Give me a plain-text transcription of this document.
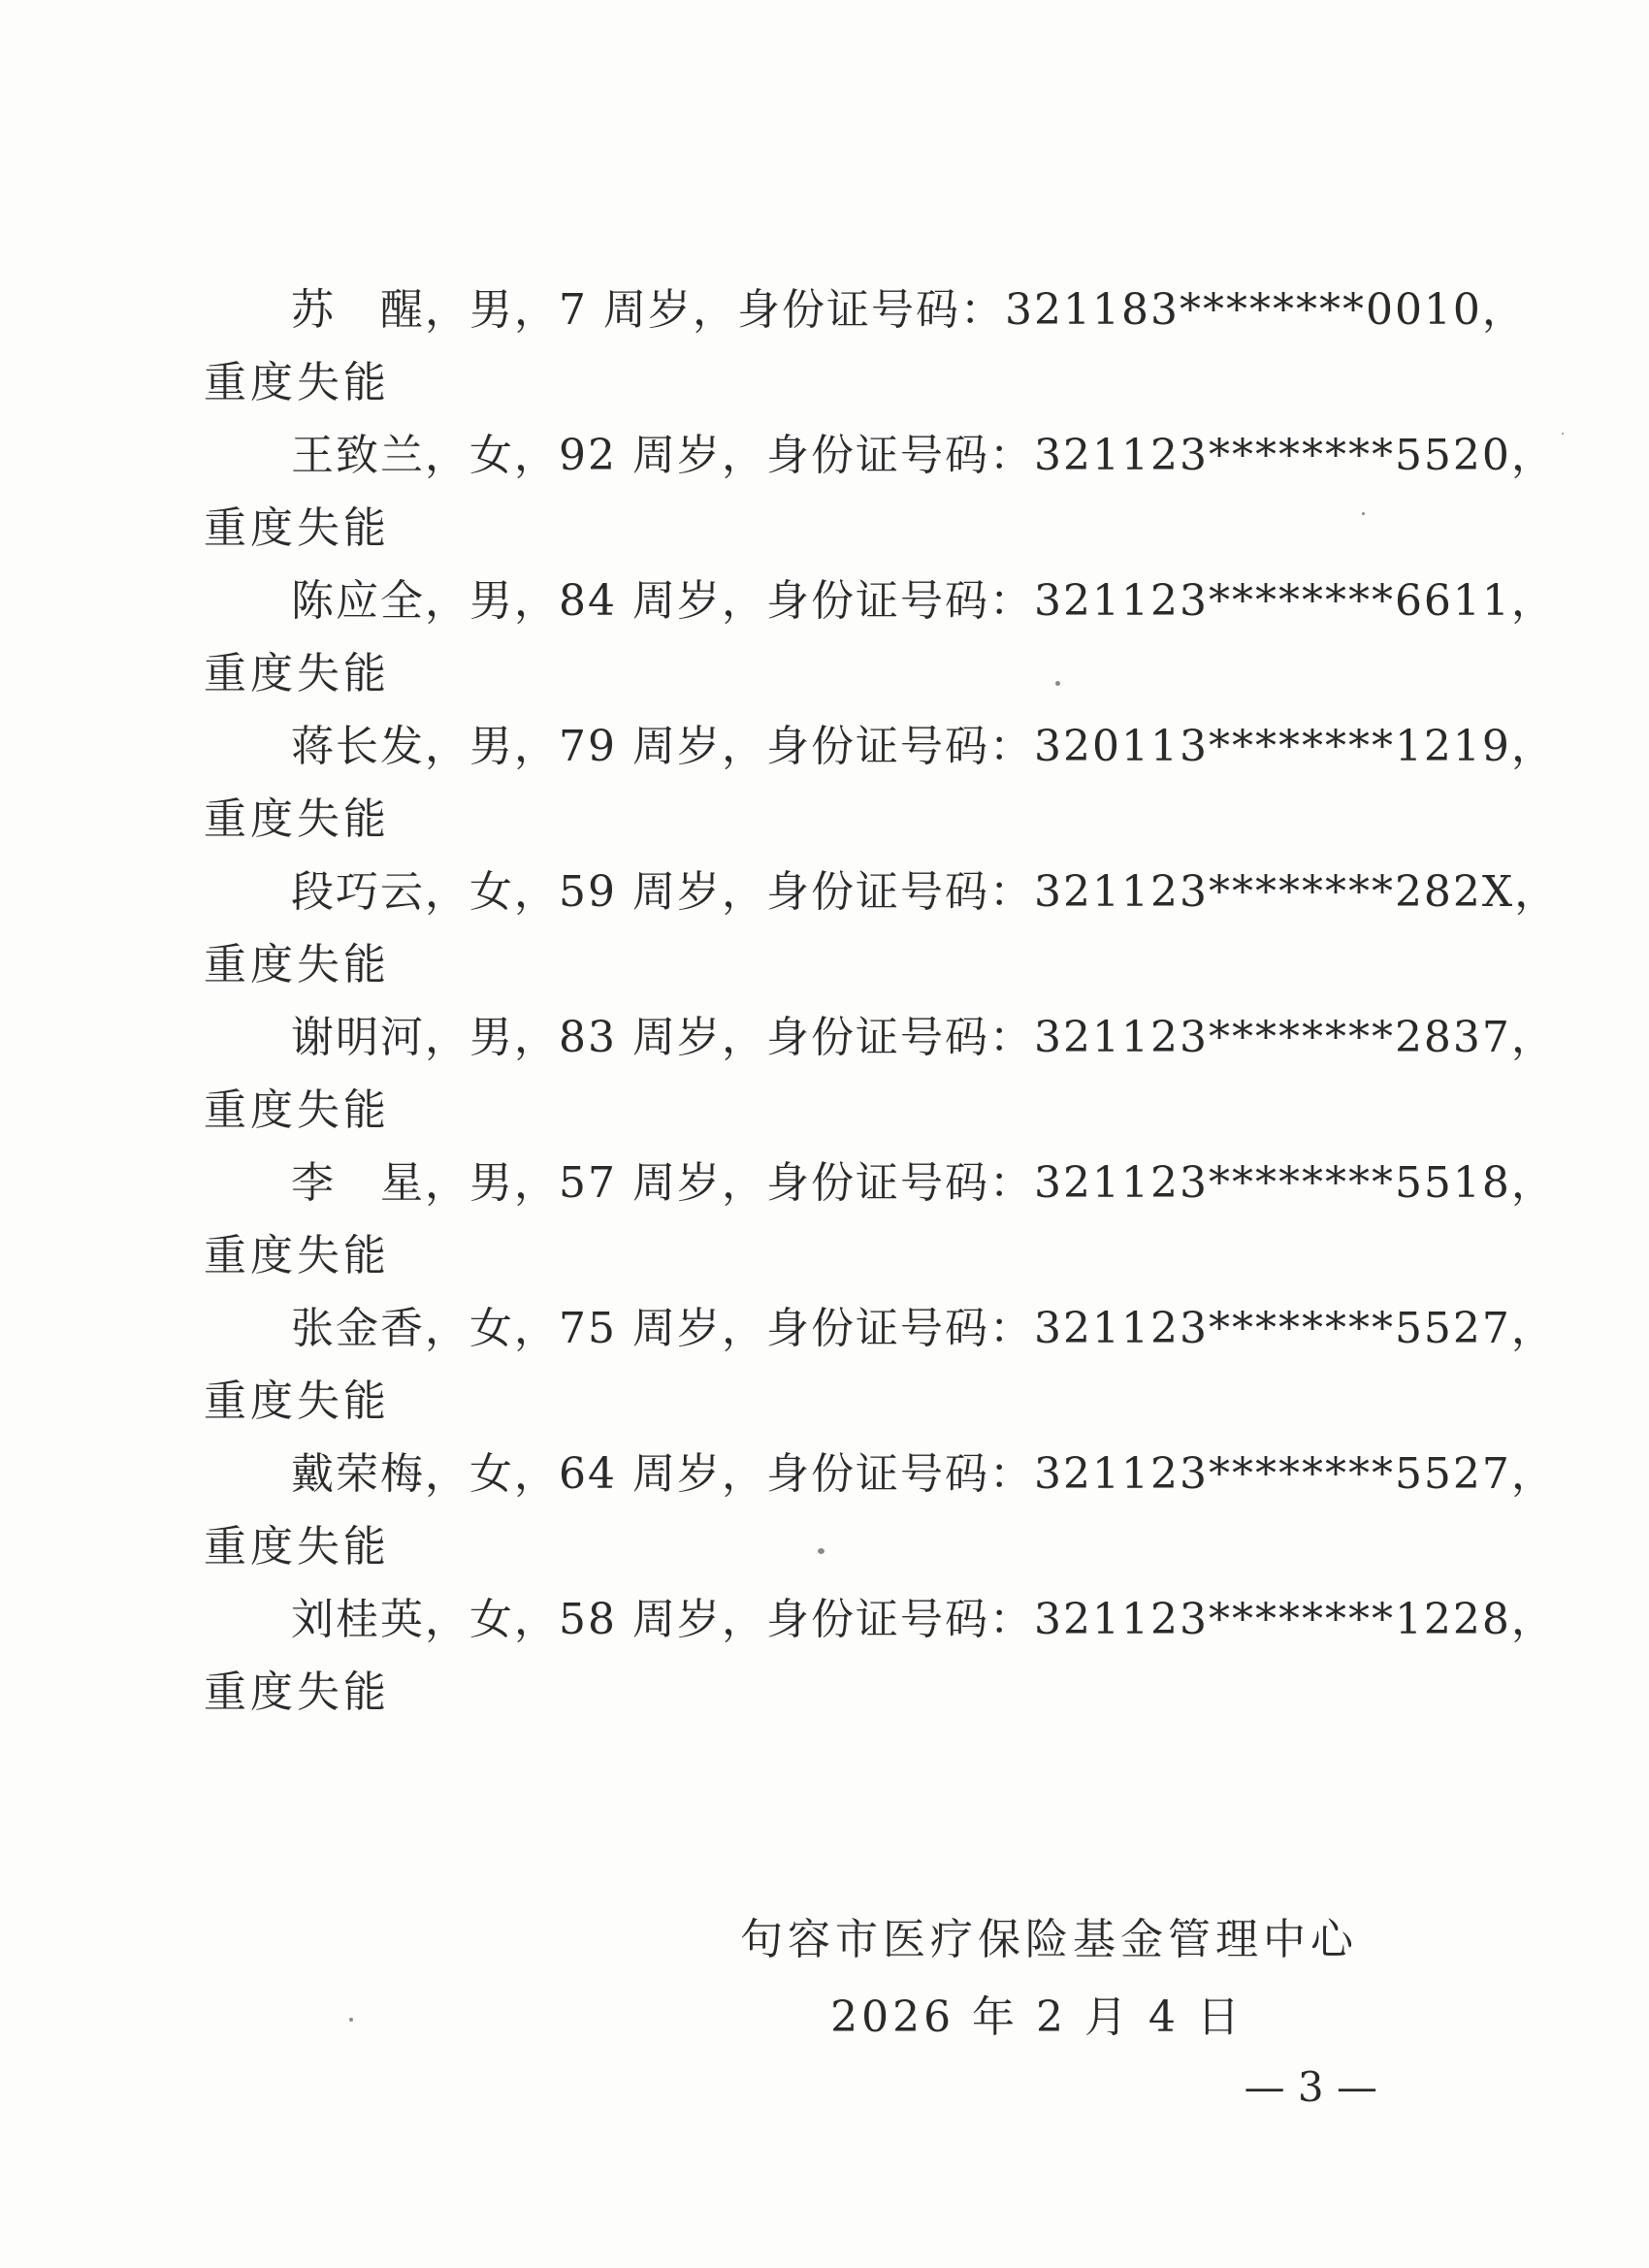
苏　醒，男，7 周岁，身份证号码：321183********0010，
重度失能
王致兰，女，92 周岁，身份证号码：321123********5520，
重度失能
陈应全，男，84 周岁，身份证号码：321123********6611，
重度失能
蒋长发，男，79 周岁，身份证号码：320113********1219，
重度失能
段巧云，女，59 周岁，身份证号码：321123********282X，
重度失能
谢明河，男，83 周岁，身份证号码：321123********2837，
重度失能
李　星，男，57 周岁，身份证号码：321123********5518，
重度失能
张金香，女，75 周岁，身份证号码：321123********5527，
重度失能
戴荣梅，女，64 周岁，身份证号码：321123********5527，
重度失能
刘桂英，女，58 周岁，身份证号码：321123********1228，
重度失能
句容市医疗保险基金管理中心
2026 年 2 月 4 日
— 3 —
